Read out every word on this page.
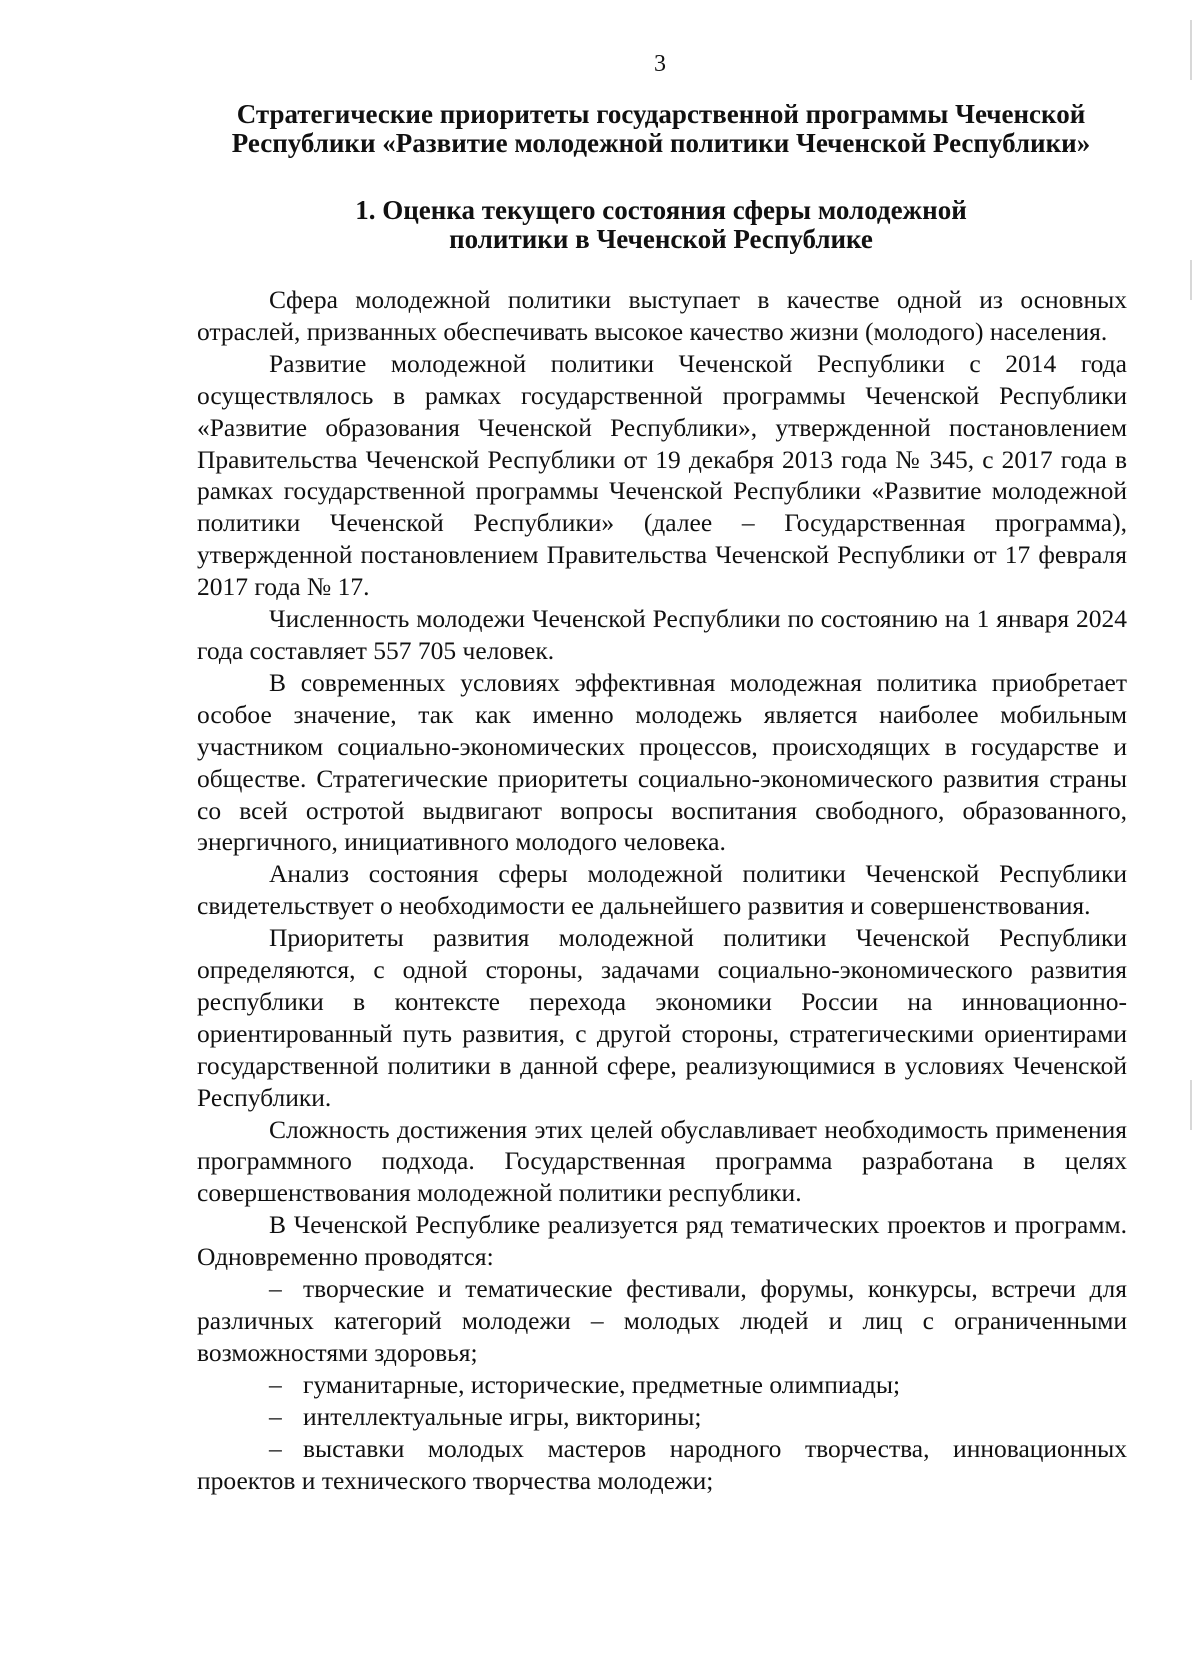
3
Стратегические приоритеты государственной программы Чеченской
Республики «Развитие молодежной политики Чеченской Республики»
1. Оценка текущего состояния сферы молодежной
политики в Чеченской Республике

Сфера молодежной политики выступает в качестве одной из основных отраслей, призванных обеспечивать высокое качество жизни (молодого) населения.

Развитие молодежной политики Чеченской Республики с 2014 года осуществлялось в рамках государственной программы Чеченской Республики «Развитие образования Чеченской Республики», утвержденной постановлением Правительства Чеченской Республики от 19 декабря 2013 года № 345, с 2017 года в рамках государственной программы Чеченской Республики «Развитие молодежной политики Чеченской Республики» (далее – Государственная программа), утвержденной постановлением Правительства Чеченской Республики от 17 февраля 2017 года № 17.

Численность молодежи Чеченской Республики по состоянию на 1 января 2024 года составляет 557 705 человек.

В современных условиях эффективная молодежная политика приобретает особое значение, так как именно молодежь является наиболее мобильным участником социально-экономических процессов, происходящих в государстве и обществе. Стратегические приоритеты социально-экономического развития страны со всей остротой выдвигают вопросы воспитания свободного, образованного, энергичного, инициативного молодого человека.

Анализ состояния сферы молодежной политики Чеченской Республики свидетельствует о необходимости ее дальнейшего развития и совершенствования.

Приоритеты развития молодежной политики Чеченской Республики определяются, с одной стороны, задачами социально-экономического развития республики в контексте перехода экономики России на инновационно-ориентированный путь развития, с другой стороны, стратегическими ориентирами государственной политики в данной сфере, реализующимися в условиях Чеченской Республики.

Сложность достижения этих целей обуславливает необходимость применения программного подхода. Государственная программа разработана в целях совершенствования молодежной политики республики.

В Чеченской Республике реализуется ряд тематических проектов и программ. Одновременно проводятся:

– творческие и тематические фестивали, форумы, конкурсы, встречи для различных категорий молодежи – молодых людей и лиц с ограниченными возможностями здоровья;

– гуманитарные, исторические, предметные олимпиады;

– интеллектуальные игры, викторины;

– выставки молодых мастеров народного творчества, инновационных проектов и технического творчества молодежи;
